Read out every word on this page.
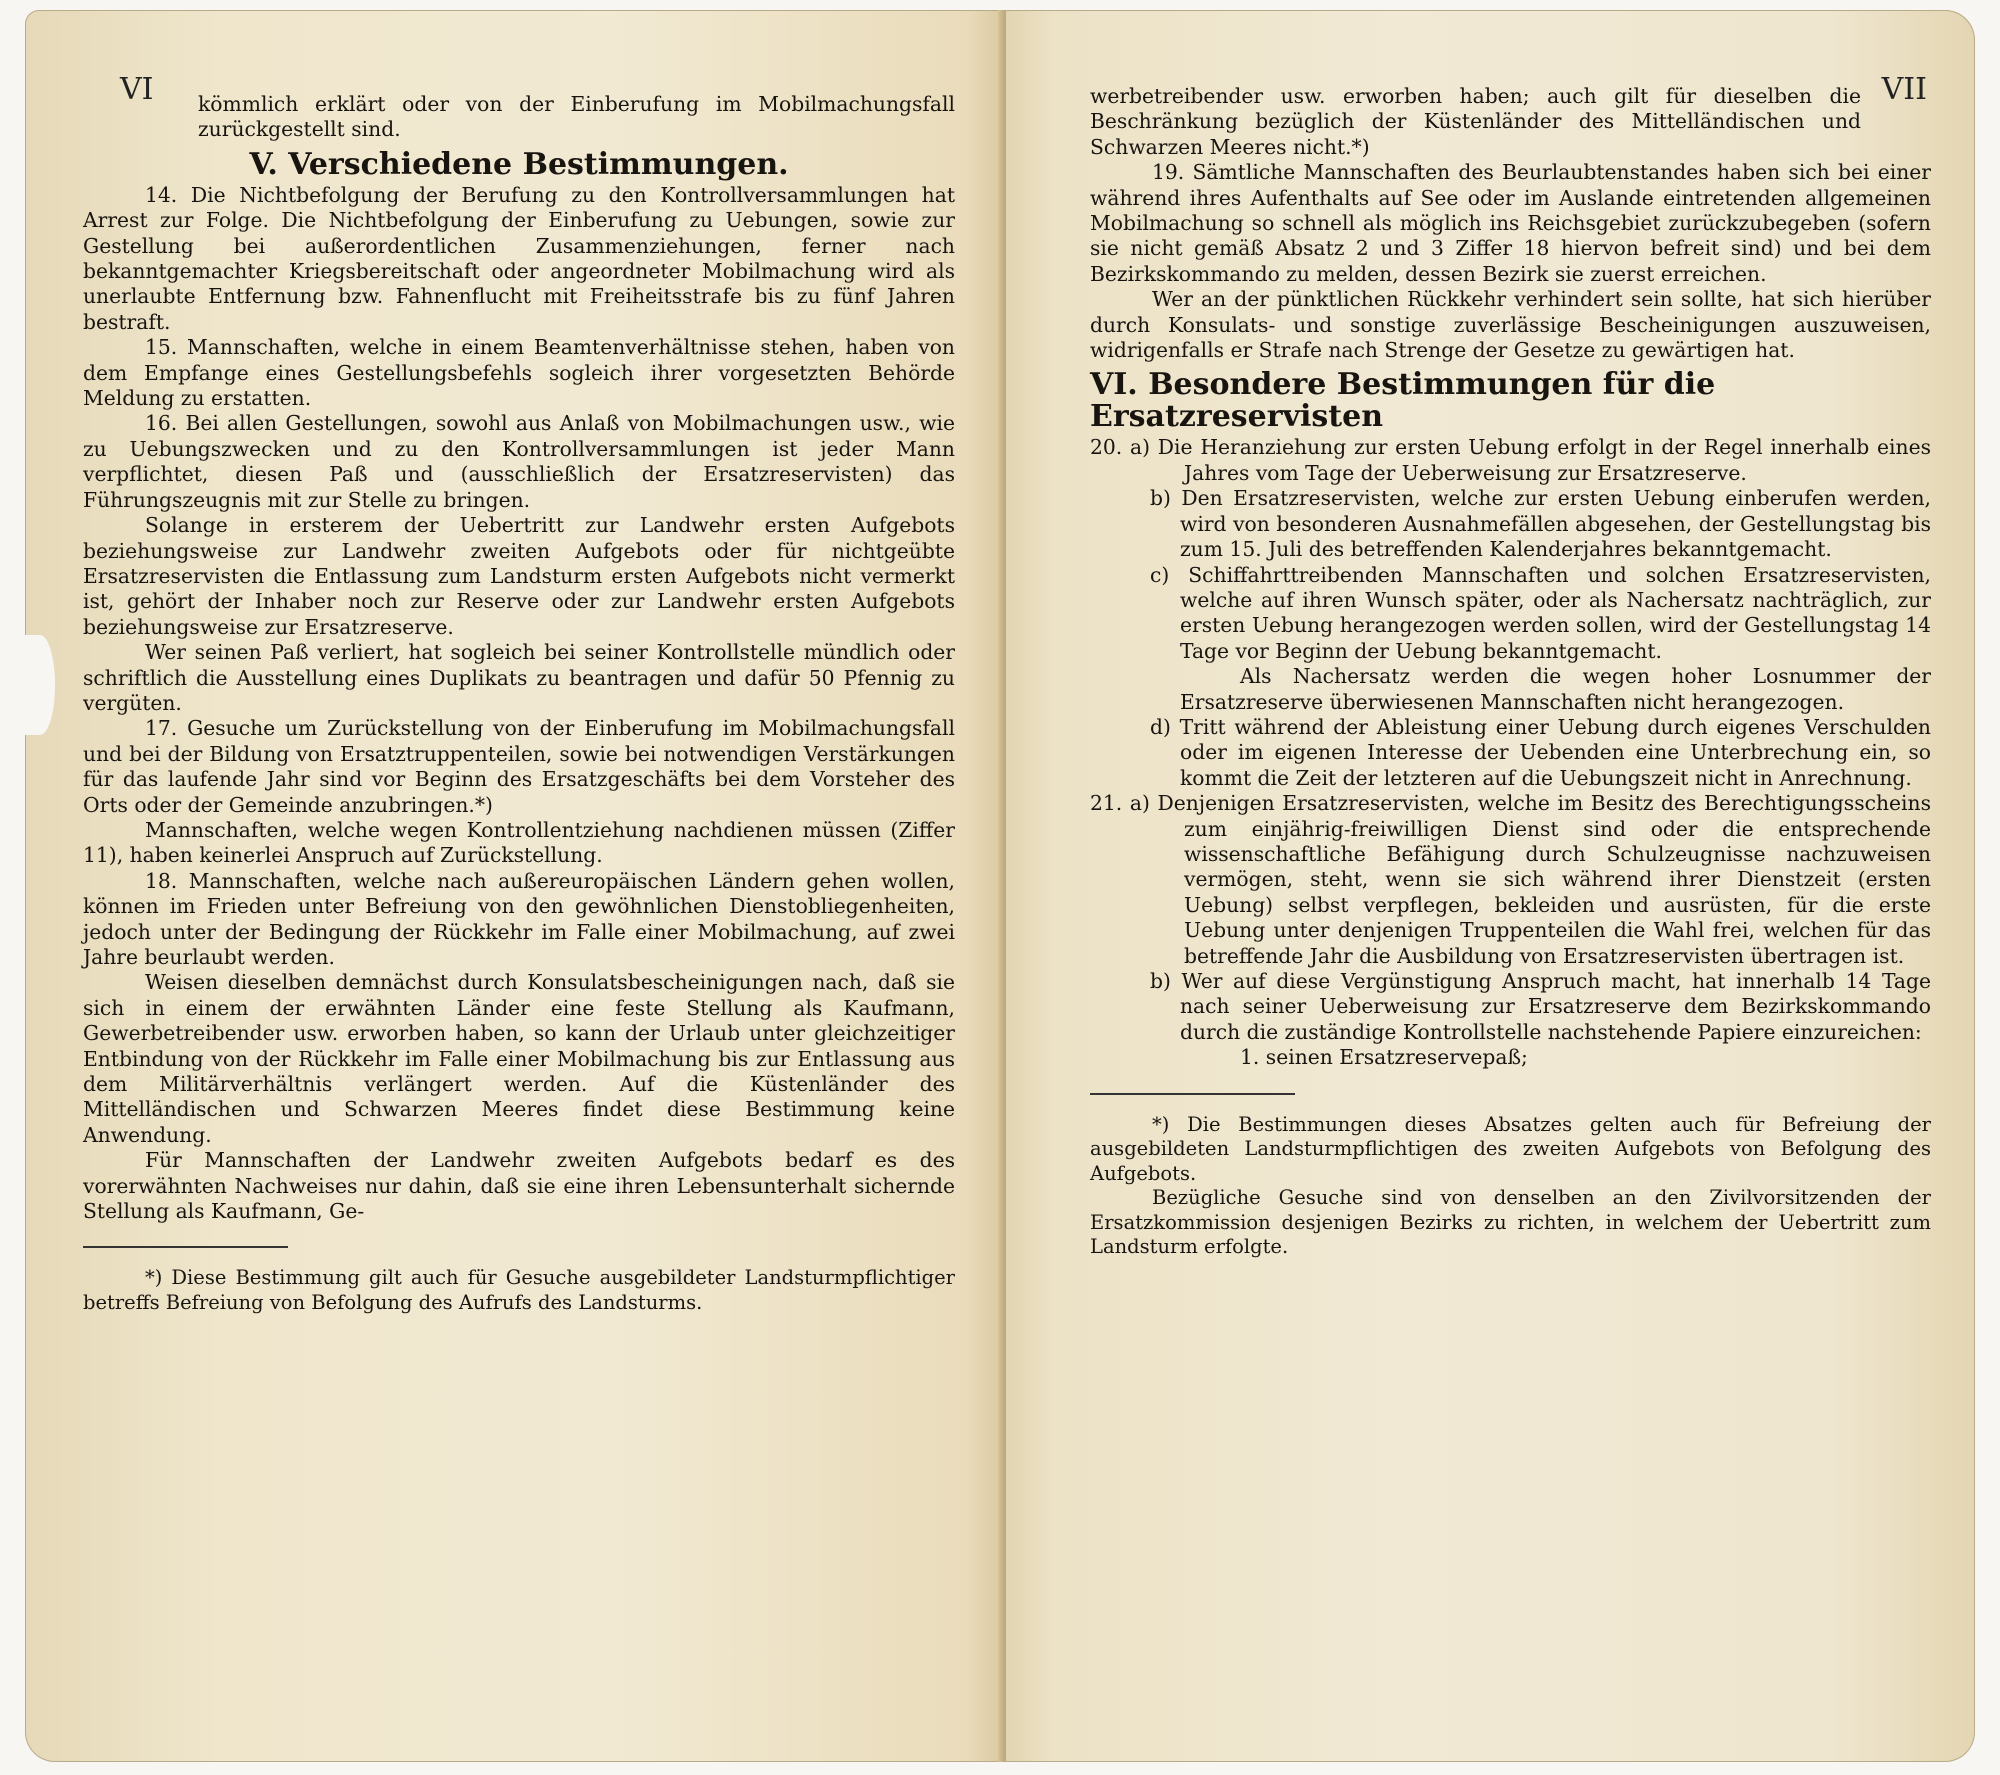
VI	kömmlich erklärt oder von der Einberufung im Mobilmachungsfall zurückgestellt sind.

V. Verschiedene Bestimmungen.

14. Die Nichtbefolgung der Berufung zu den Kontrollversammlungen hat Arrest zur Folge. Die Nichtbefolgung der Einberufung zu Uebungen, sowie zur Gestellung bei außerordentlichen Zusammenziehungen, ferner nach bekanntgemachter Kriegsbereitschaft oder angeordneter Mobilmachung wird als unerlaubte Entfernung bzw. Fahnenflucht mit Freiheitsstrafe bis zu fünf Jahren bestraft.

15. Mannschaften, welche in einem Beamtenverhältnisse stehen, haben von dem Empfange eines Gestellungsbefehls sogleich ihrer vorgesetzten Behörde Meldung zu erstatten.

16. Bei allen Gestellungen, sowohl aus Anlaß von Mobilmachungen usw., wie zu Uebungszwecken und zu den Kontrollversammlungen ist jeder Mann verpflichtet, diesen Paß und (ausschließlich der Ersatzreservisten) das Führungszeugnis mit zur Stelle zu bringen.

Solange in ersterem der Uebertritt zur Landwehr ersten Aufgebots beziehungsweise zur Landwehr zweiten Aufgebots oder für nichtgeübte Ersatzreservisten die Entlassung zum Landsturm ersten Aufgebots nicht vermerkt ist, gehört der Inhaber noch zur Reserve oder zur Landwehr ersten Aufgebots beziehungsweise zur Ersatzreserve.

Wer seinen Paß verliert, hat sogleich bei seiner Kontrollstelle mündlich oder schriftlich die Ausstellung eines Duplikats zu beantragen und dafür 50 Pfennig zu vergüten.

17. Gesuche um Zurückstellung von der Einberufung im Mobilmachungsfall und bei der Bildung von Ersatztruppenteilen, sowie bei notwendigen Verstärkungen für das laufende Jahr sind vor Beginn des Ersatzgeschäfts bei dem Vorsteher des Orts oder der Gemeinde anzubringen.*)

Mannschaften, welche wegen Kontrollentziehung nachdienen müssen (Ziffer 11), haben keinerlei Anspruch auf Zurückstellung.

18. Mannschaften, welche nach außereuropäischen Ländern gehen wollen, können im Frieden unter Befreiung von den gewöhnlichen Dienstobliegenheiten, jedoch unter der Bedingung der Rückkehr im Falle einer Mobilmachung, auf zwei Jahre beurlaubt werden.

Weisen dieselben demnächst durch Konsulatsbescheinigungen nach, daß sie sich in einem der erwähnten Länder eine feste Stellung als Kaufmann, Gewerbetreibender usw. erworben haben, so kann der Urlaub unter gleichzeitiger Entbindung von der Rückkehr im Falle einer Mobilmachung bis zur Entlassung aus dem Militärverhältnis verlängert werden. Auf die Küstenländer des Mittelländischen und Schwarzen Meeres findet diese Bestimmung keine Anwendung.

Für Mannschaften der Landwehr zweiten Aufgebots bedarf es des vorerwähnten Nachweises nur dahin, daß sie eine ihren Lebensunterhalt sichernde Stellung als Kaufmann, Ge-

*) Diese Bestimmung gilt auch für Gesuche ausgebildeter Landsturmpflichtiger betreffs Befreiung von Befolgung des Aufrufs des Landsturms.

VII

werbetreibender usw. erworben haben; auch gilt für dieselben die Beschränkung bezüglich der Küstenländer des Mittelländischen und Schwarzen Meeres nicht.*)

19. Sämtliche Mannschaften des Beurlaubtenstandes haben sich bei einer während ihres Aufenthalts auf See oder im Auslande eintretenden allgemeinen Mobilmachung so schnell als möglich ins Reichsgebiet zurückzubegeben (sofern sie nicht gemäß Absatz 2 und 3 Ziffer 18 hiervon befreit sind) und bei dem Bezirkskommando zu melden, dessen Bezirk sie zuerst erreichen.

Wer an der pünktlichen Rückkehr verhindert sein sollte, hat sich hierüber durch Konsulats- und sonstige zuverlässige Bescheinigungen auszuweisen, widrigenfalls er Strafe nach Strenge der Gesetze zu gewärtigen hat.

VI. Besondere Bestimmungen für die Ersatzreservisten

20. a) Die Heranziehung zur ersten Uebung erfolgt in der Regel innerhalb eines Jahres vom Tage der Ueberweisung zur Ersatzreserve.

b) Den Ersatzreservisten, welche zur ersten Uebung einberufen werden, wird von besonderen Ausnahmefällen abgesehen, der Gestellungstag bis zum 15. Juli des betreffenden Kalenderjahres bekanntgemacht.

c) Schiffahrttreibenden Mannschaften und solchen Ersatzreservisten, welche auf ihren Wunsch später, oder als Nachersatz nachträglich, zur ersten Uebung herangezogen werden sollen, wird der Gestellungstag 14 Tage vor Beginn der Uebung bekanntgemacht.

Als Nachersatz werden die wegen hoher Losnummer der Ersatzreserve überwiesenen Mannschaften nicht herangezogen.

d) Tritt während der Ableistung einer Uebung durch eigenes Verschulden oder im eigenen Interesse der Uebenden eine Unterbrechung ein, so kommt die Zeit der letzteren auf die Uebungszeit nicht in Anrechnung.

21. a) Denjenigen Ersatzreservisten, welche im Besitz des Berechtigungsscheins zum einjährig-freiwilligen Dienst sind oder die entsprechende wissenschaftliche Befähigung durch Schulzeugnisse nachzuweisen vermögen, steht, wenn sie sich während ihrer Dienstzeit (ersten Uebung) selbst verpflegen, bekleiden und ausrüsten, für die erste Uebung unter denjenigen Truppenteilen die Wahl frei, welchen für das betreffende Jahr die Ausbildung von Ersatzreservisten übertragen ist.

b) Wer auf diese Vergünstigung Anspruch macht, hat innerhalb 14 Tage nach seiner Ueberweisung zur Ersatzreserve dem Bezirkskommando durch die zuständige Kontrollstelle nachstehende Papiere einzureichen:

1. seinen Ersatzreservepaß;

*) Die Bestimmungen dieses Absatzes gelten auch für Befreiung der ausgebildeten Landsturmpflichtigen des zweiten Aufgebots von Befolgung des Aufgebots.

Bezügliche Gesuche sind von denselben an den Zivilvorsitzenden der Ersatzkommission desjenigen Bezirks zu richten, in welchem der Uebertritt zum Landsturm erfolgte.
